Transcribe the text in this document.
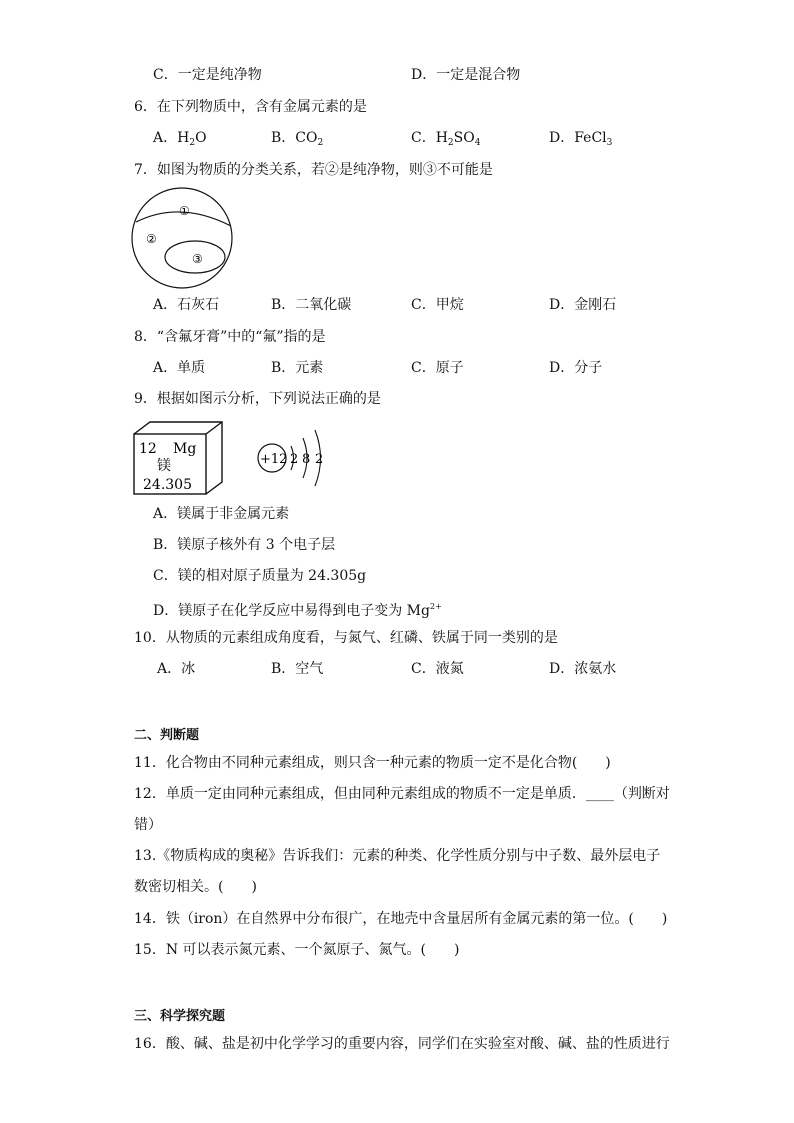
C．一定是纯净物	D．一定是混合物
6．在下列物质中，含有金属元素的是
A．$H_2O$	B．$CO_2$	C．$H_2SO_4$	D．FeCl$_3$
7．如图为物质的分类关系，若②是纯净物，则③不可能是
①
②
③
A．石灰石	B．二氧化碳	C．甲烷	D．金刚石
8．“含氟牙膏”中的“氟”指的是
A．单质	B．元素	C．原子	D．分子
9．根据如图示分析，下列说法正确的是
12 Mg
镁
24.305
+12 2 8 2
A．镁属于非金属元素
B．镁原子核外有 3 个电子层
C．镁的相对原子质量为 24.305g
D．镁原子在化学反应中易得到电子变为 $Mg^{2+}$
10．从物质的元素组成角度看，与氮气、红磷、铁属于同一类别的是
A．冰	B．空气	C．液氮	D．浓氨水
二、判断题
11．化合物由不同种元素组成，则只含一种元素的物质一定不是化合物(　　)
12．单质一定由同种元素组成，但由同种元素组成的物质不一定是单质．____（判断对
错）
13.《物质构成的奥秘》告诉我们：元素的种类、化学性质分别与中子数、最外层电子
数密切相关。(　　)
14．铁（iron）在自然界中分布很广，在地壳中含量居所有金属元素的第一位。(　　)
15．N 可以表示氮元素、一个氮原子、氮气。(　　)
三、科学探究题
16．酸、碱、盐是初中化学学习的重要内容，同学们在实验室对酸、碱、盐的性质进行
